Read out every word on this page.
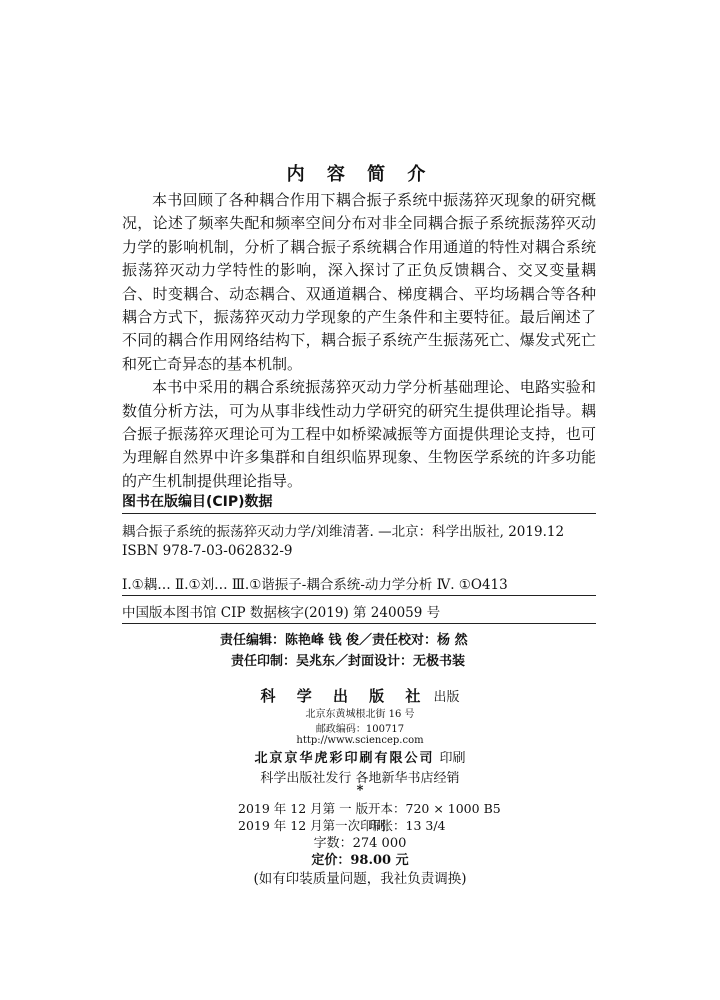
内 容 简 介

本书回顾了各种耦合作用下耦合振子系统中振荡猝灭现象的研究概况，论述了频率失配和频率空间分布对非全同耦合振子系统振荡猝灭动力学的影响机制，分析了耦合振子系统耦合作用通道的特性对耦合系统振荡猝灭动力学特性的影响，深入探讨了正负反馈耦合、交叉变量耦合、时变耦合、动态耦合、双通道耦合、梯度耦合、平均场耦合等各种耦合方式下，振荡猝灭动力学现象的产生条件和主要特征。最后阐述了不同的耦合作用网络结构下，耦合振子系统产生振荡死亡、爆发式死亡和死亡奇异态的基本机制。

本书中采用的耦合系统振荡猝灭动力学分析基础理论、电路实验和数值分析方法，可为从事非线性动力学研究的研究生提供理论指导。耦合振子振荡猝灭理论可为工程中如桥梁减振等方面提供理论支持，也可为理解自然界中许多集群和自组织临界现象、生物医学系统的许多功能的产生机制提供理论指导。

图书在版编目(CIP)数据
耦合振子系统的振荡猝灭动力学/刘维清著. —北京：科学出版社, 2019.12
ISBN 978-7-03-062832-9
Ⅰ.①耦… Ⅱ.①刘… Ⅲ.①谐振子-耦合系统-动力学分析 Ⅳ. ①O413
中国版本图书馆 CIP 数据核字(2019) 第 240059 号
责任编辑：陈艳峰 钱 俊／责任校对：杨 然
责任印制：吴兆东／封面设计：无极书装
科 学 出 版 社 出版
北京东黄城根北街 16 号
邮政编码：100717
http://www.sciencep.com
北京京华虎彩印刷有限公司 印刷
科学出版社发行 各地新华书店经销
*
2019 年 12 月第 一 版 开本：720 × 1000 B5
2019 年 12 月第一次印刷
印张：13 3/4
字数：274 000
定价：98.00 元
(如有印装质量问题，我社负责调换)
